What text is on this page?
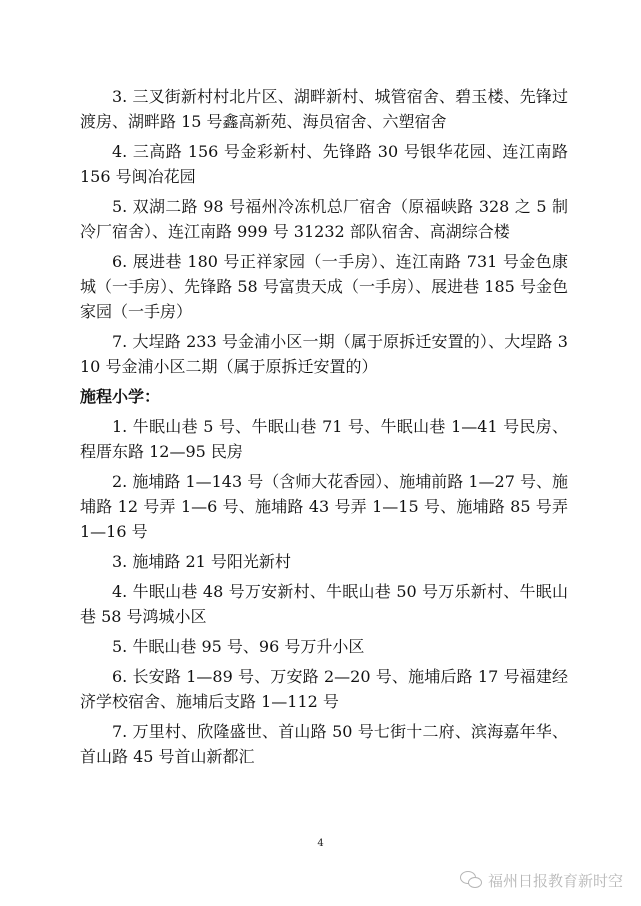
3. 三叉街新村村北片区、湖畔新村、城管宿舍、碧玉楼、先锋过渡房、湖畔路 15 号鑫高新苑、海员宿舍、六塑宿舍

4. 三高路 156 号金彩新村、先锋路 30 号银华花园、连江南路 156 号闽冶花园

5. 双湖二路 98 号福州冷冻机总厂宿舍（原福峡路 328 之 5 制冷厂宿舍）、连江南路 999 号 31232 部队宿舍、高湖综合楼

6. 展进巷 180 号正祥家园（一手房）、连江南路 731 号金色康城（一手房）、先锋路 58 号富贵天成（一手房）、展进巷 185 号金色家园（一手房）

7. 大埕路 233 号金浦小区一期（属于原拆迁安置的）、大埕路 310 号金浦小区二期（属于原拆迁安置的）

施程小学：

1. 牛眠山巷 5 号、牛眠山巷 71 号、牛眠山巷 1—41 号民房、程厝东路 12—95 民房

2. 施埔路 1—143 号（含师大花香园）、施埔前路 1—27 号、施埔路 12 号弄 1—6 号、施埔路 43 号弄 1—15 号、施埔路 85 号弄 1—16 号

3. 施埔路 21 号阳光新村

4. 牛眠山巷 48 号万安新村、牛眠山巷 50 号万乐新村、牛眠山巷 58 号鸿城小区

5. 牛眠山巷 95 号、96 号万升小区

6. 长安路 1—89 号、万安路 2—20 号、施埔后路 17 号福建经济学校宿舍、施埔后支路 1—112 号

7. 万里村、欣隆盛世、首山路 50 号七街十二府、滨海嘉年华、首山路 45 号首山新都汇

4
福州日报教育新时空
